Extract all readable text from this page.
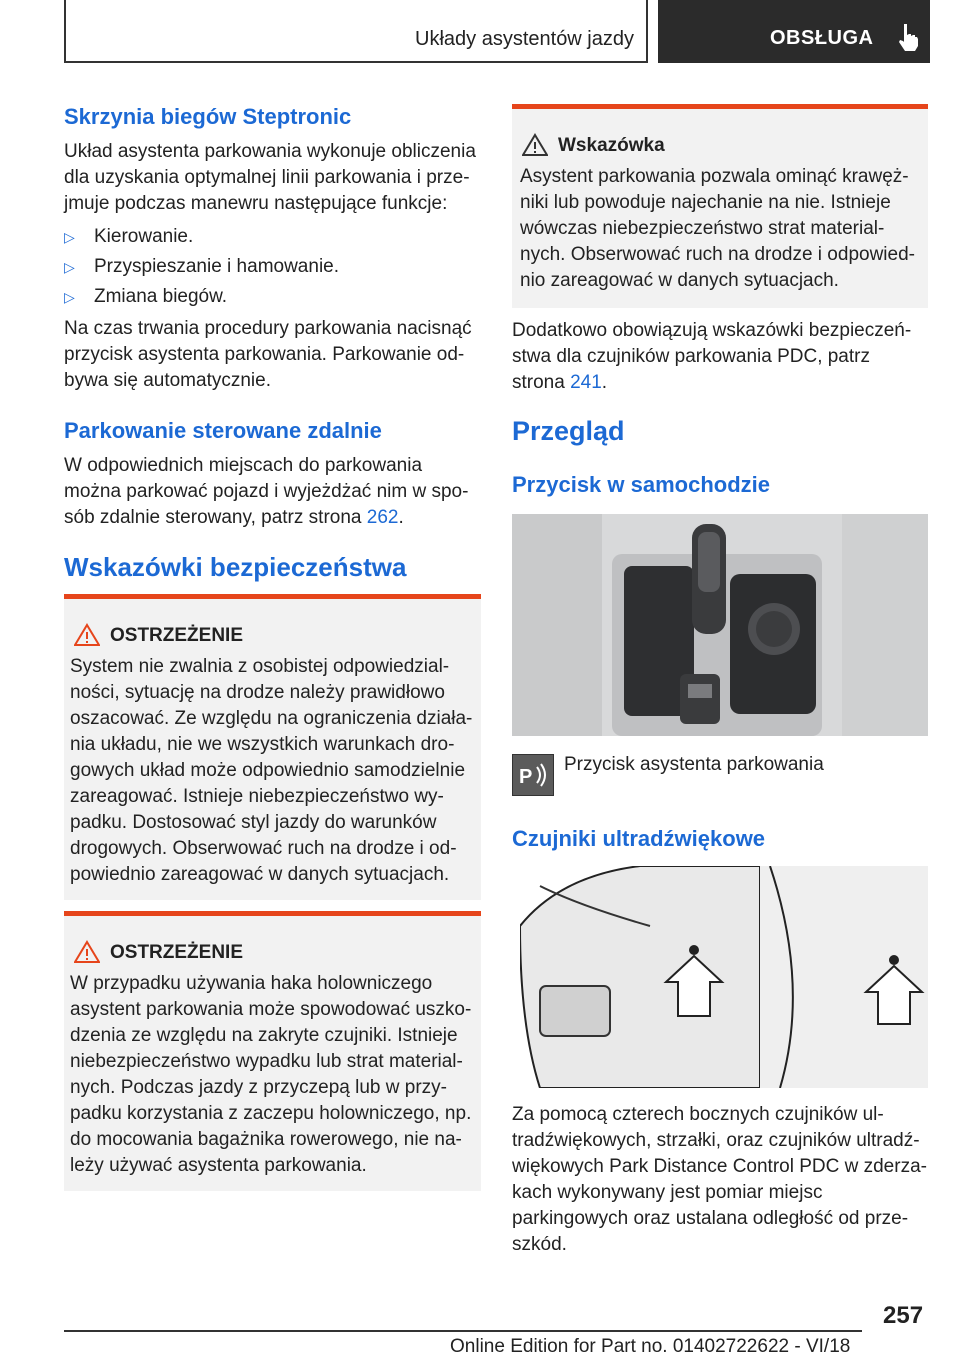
Układy asystentów jazdy	OBSŁUGA
Skrzynia biegów Steptronic

Układ asystenta parkowania wykonuje obliczenia
dla uzyskania optymalnej linii parkowania i prze-
jmuje podczas manewru następujące funkcje:

▷ Kierowanie.
▷ Przyspieszanie i hamowanie.
▷ Zmiana biegów.

Na czas trwania procedury parkowania nacisnąć
przycisk asystenta parkowania. Parkowanie od-
bywa się automatycznie.

Parkowanie sterowane zdalnie

W odpowiednich miejscach do parkowania
można parkować pojazd i wyjeżdżać nim w spo-
sób zdalnie sterowany, patrz strona 262.

Wskazówki bezpieczeństwa
OSTRZEŻENIE

System nie zwalnia z osobistej odpowiedzial-
ności, sytuację na drodze należy prawidłowo
oszacować. Ze względu na ograniczenia działa-
nia układu, nie we wszystkich warunkach dro-
gowych układ może odpowiednio samodzielnie
zareagować. Istnieje niebezpieczeństwo wy-
padku. Dostosować styl jazdy do warunków
drogowych. Obserwować ruch na drodze i od-
powiednio zareagować w danych sytuacjach.

OSTRZEŻENIE

W przypadku używania haka holowniczego
asystent parkowania może spowodować uszko-
dzenia ze względu na zakryte czujniki. Istnieje
niebezpieczeństwo wypadku lub strat material-
nych. Podczas jazdy z przyczepą lub w przy-
padku korzystania z zaczepu holowniczego, np.
do mocowania bagażnika rowerowego, nie na-
leży używać asystenta parkowania.

Wskazówka

Asystent parkowania pozwala ominąć krawęż-
niki lub powoduje najechanie na nie. Istnieje
wówczas niebezpieczeństwo strat material-
nych. Obserwować ruch na drodze i odpowied-
nio zareagować w danych sytuacjach.

Dodatkowo obowiązują wskazówki bezpieczeń-
stwa dla czujników parkowania PDC, patrz
strona 241.

Przegląd
Przycisk w samochodzie
P
Przycisk asystenta parkowania
Czujniki ultradźwiękowe

Za pomocą czterech bocznych czujników ul-
tradźwiękowych, strzałki, oraz czujników ultradź-
więkowych Park Distance Control PDC w zderza-
kach wykonywany jest pomiar miejsc
parkingowych oraz ustalana odległość od prze-
szkód.

257
Online Edition for Part no. 01402722622 - VI/18
